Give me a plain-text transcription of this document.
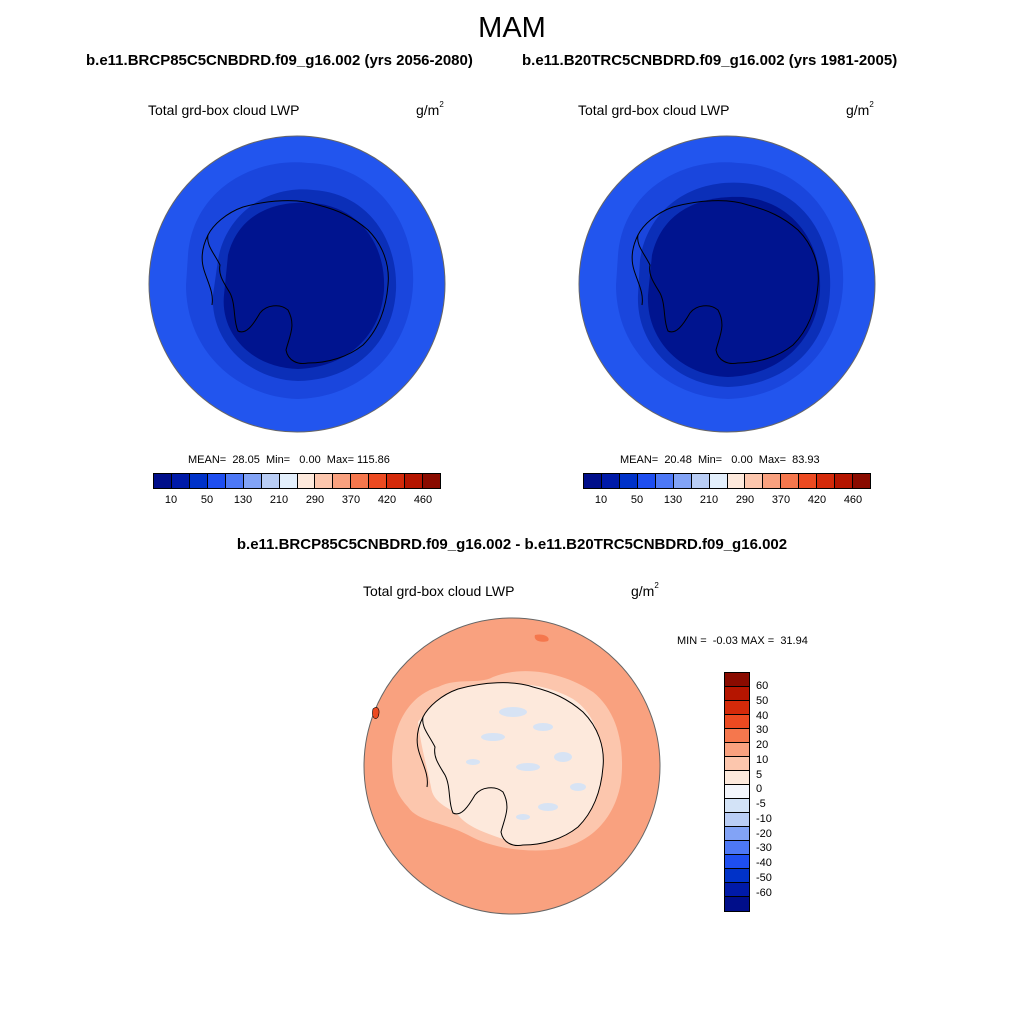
MAM
b.e11.BRCP85C5CNBDRD.f09_g16.002 (yrs 2056-2080)	b.e11.B20TRC5CNBDRD.f09_g16.002 (yrs 1981-2005)
Total grd-box cloud LWP	$g/m^2$	Total grd-box cloud LWP	$g/m^2$
MEAN=  28.05  Min=   0.00  Max= 115.86	MEAN=  20.48  Min=   0.00  Max=  83.93
10	50	130	210	290	370	420	460	10	50	130	210	290	370	420	460
b.e11.BRCP85C5CNBDRD.f09_g16.002 - b.e11.B20TRC5CNBDRD.f09_g16.002
Total grd-box cloud LWP	$g/m^2$
MIN =  -0.03 MAX =  31.94
60
50
40
30
20
10
5
0
-5
-10
-20
-30
-40
-50
-60
